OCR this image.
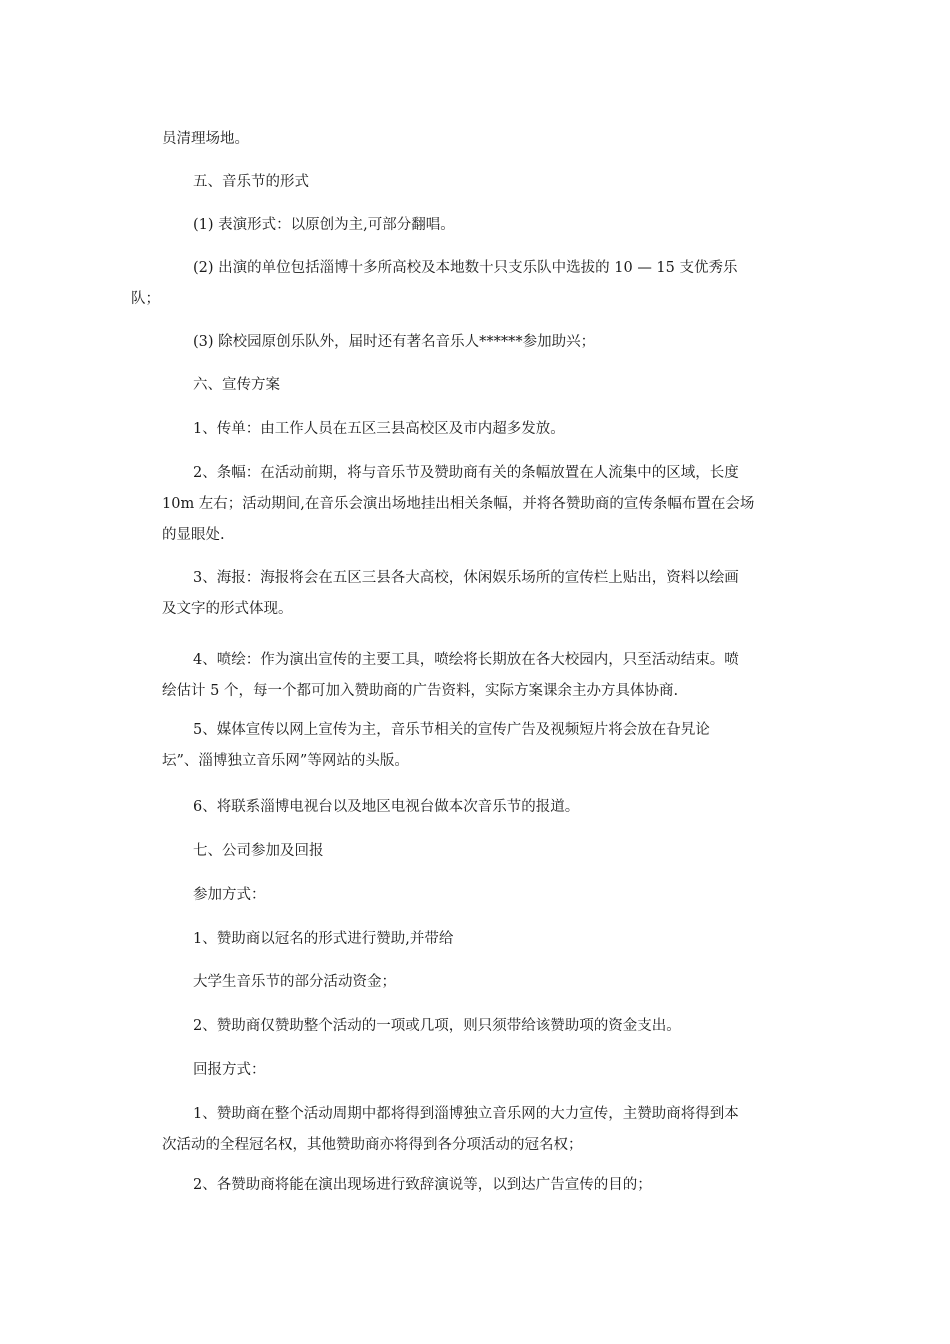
员清理场地。
五、音乐节的形式
(1) 表演形式：以原创为主,可部分翻唱。
(2) 出演的单位包括淄博十多所高校及本地数十只支乐队中选拔的 10 — 15 支优秀乐
队；
(3) 除校园原创乐队外，届时还有著名音乐人******参加助兴；
六、宣传方案
1、传单：由工作人员在五区三县高校区及市内超多发放。
2、条幅：在活动前期，将与音乐节及赞助商有关的条幅放置在人流集中的区域，长度
10m 左右；活动期间,在音乐会演出场地挂出相关条幅，并将各赞助商的宣传条幅布置在会场
的显眼处.
3、海报：海报将会在五区三县各大高校，休闲娱乐场所的宣传栏上贴出，资料以绘画
及文字的形式体现。
4、喷绘：作为演出宣传的主要工具，喷绘将长期放在各大校园内，只至活动结束。喷
绘估计 5 个，每一个都可加入赞助商的广告资料，实际方案课余主办方具体协商.
5、媒体宣传以网上宣传为主，音乐节相关的宣传广告及视频短片将会放在旮旯论
坛”、淄博独立音乐网”等网站的头版。
6、将联系淄博电视台以及地区电视台做本次音乐节的报道。
七、公司参加及回报
参加方式：
1、赞助商以冠名的形式进行赞助,并带给
大学生音乐节的部分活动资金；
2、赞助商仅赞助整个活动的一项或几项，则只须带给该赞助项的资金支出。
回报方式：
1、赞助商在整个活动周期中都将得到淄博独立音乐网的大力宣传，主赞助商将得到本
次活动的全程冠名权，其他赞助商亦将得到各分项活动的冠名权；
2、各赞助商将能在演出现场进行致辞演说等，以到达广告宣传的目的；
